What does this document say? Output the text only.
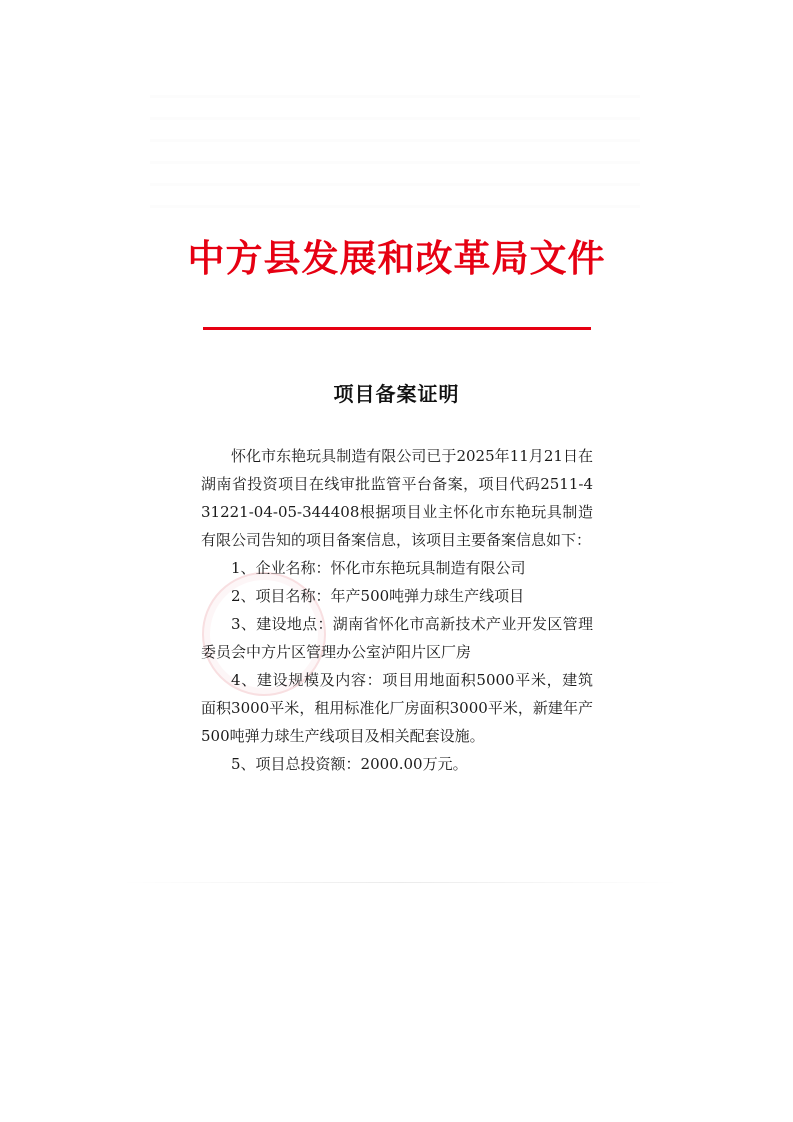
中方县发展和改革局文件
项目备案证明

怀化市东艳玩具制造有限公司已于2025年11月21日在湖南省投资项目在线审批监管平台备案，项目代码2511-431221-04-05-344408根据项目业主怀化市东艳玩具制造有限公司告知的项目备案信息，该项目主要备案信息如下：

1、企业名称：怀化市东艳玩具制造有限公司

2、项目名称：年产500吨弹力球生产线项目

3、建设地点：湖南省怀化市高新技术产业开发区管理委员会中方片区管理办公室泸阳片区厂房

4、建设规模及内容：项目用地面积5000平米，建筑面积3000平米，租用标准化厂房面积3000平米，新建年产500吨弹力球生产线项目及相关配套设施。

5、项目总投资额：2000.00万元。
